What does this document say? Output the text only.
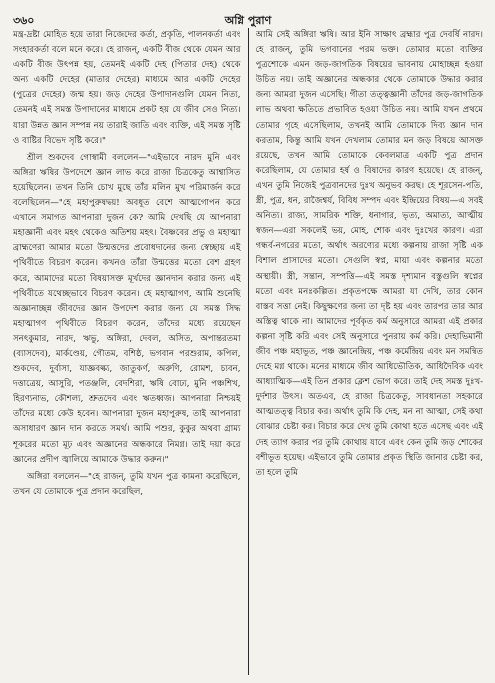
৩৬০	অগ্নি পুরাণ

মন্ত্র-দ্রষ্টা মোহিত হয়ে তারা নিজেদের কর্তা, প্রকৃতি, পালনকর্তা এবং সংহারকর্তা বলে মনে করে। হে রাজন্‌, একটি বীজ থেকে যেমন আর একটি বীজ উৎপন্ন হয়, তেমনই একটি দেহ (পিতার দেহ) থেকে অন্য একটি দেহের (মাতার দেহের) মাধ্যমে আর একটি দেহের (পুত্রের দেহের) জন্ম হয়। জড় দেহের উপাদানগুলি যেমন নিত্য, তেমনই এই সমস্ত উপাদানের মাধ্যমে প্রকট হয় যে জীব সেও নিত্য। যারা উন্নত জ্ঞান সম্পন্ন নয় তারাই জাতি এবং ব্যক্তি, এই সমস্ত সৃষ্টি ও বাষ্টির বিভেদ সৃষ্টি করে।"

শ্রীল শুকদেব গোস্বামী বললেন—"এইভাবে নারদ মুনি এবং অঙ্গিরা ঋষির উপদেশে জ্ঞান লাভ করে রাজা চিত্রকেতু আশ্বাসিত হয়েছিলেন। তখন তিনি চোখ মুছে তাঁর মলিন মুখ পরিমার্জন করে বলেছিলেন—"হে মহাপুরুষদ্বয়! অবধূত বেশে আত্মগোপন করে এখানে সমাগত আপনারা দুজন কে? আমি দেখছি যে আপনারা মহাজ্ঞানী এবং মহৎ থেকেও অতিশয় মহৎ। বৈষ্ণবের প্রভু ও মহাত্মা ব্রাহ্মণেরা আমার মতো উন্মত্তদের প্রবোধদানের জন্য স্বেচ্ছায় এই পৃথিবীতে বিচরণ করেন। কখনও তাঁরা উন্মত্তের মতো বেশ গ্রহণ করে, আমাদের মতো বিষয়াসক্ত মূর্খদের জ্ঞানদান করার জন্য এই পৃথিবীতে যথেচ্ছভাবে বিচরণ করেন। হে মহাত্মাগণ, আমি শুনেছি অজ্ঞানাচ্ছন্ন জীবদের জ্ঞান উপদেশ করার জন্য যে সমস্ত সিদ্ধ মহাত্মাগণ পৃথিবীতে বিচরণ করেন, তাঁদের মধ্যে রয়েছেন সনৎকুমার, নারদ, ঋভু, অঙ্গিরা, দেবল, অসিত, অপান্তরতমা (ব্যাসদেব), মার্কণ্ডেয়, গৌতম, বশিষ্ঠ, ভগবান পরশুরাম, কপিল, শুকদেব, দুর্বাসা, যাজ্ঞবল্ক্য, জাতুকর্ণ, অরুণি, রোমশ, চ্যবন, দত্তাত্রেয়, আসুরি, পতঞ্জলি, বেদশিরা, ঋষি বোঢ্য, মুনি পঞ্চশিখ, হিরণ্যনাভ, কৌশল্য, শ্রুতদেব এবং ঋতধ্বজ। আপনারা নিশ্চয়ই তাঁদের মধ্যে কেউ হবেন। আপনারা দুজন মহাপুরুষ, তাই আপনারা অসাধারণ জ্ঞান দান করতে সমর্থ। আমি পশুর, কুকুর অথবা গ্রাম্য শূকরের মতো মূঢ় এবং অজ্ঞানের অন্ধকারে নিমগ্ন। তাই দয়া করে জ্ঞানের প্রদীপ জ্বালিয়ে আমাকে উদ্ধার করুন।"

অঙ্গিরা বললেন—"হে রাজন্‌, তুমি যখন পুত্র কামনা করেছিলে, তখন যে তোমাকে পুত্র প্রদান করেছিল,

আমি সেই অঙ্গিরা ঋষি। আর ইনি সাক্ষাৎ ব্রহ্মার পুত্র দেবর্ষি নারদ। হে রাজন্‌, তুমি ভগবানের পরম ভক্ত। তোমার মতো ব্যক্তির পুত্রশোকে এমন জড়-জাগতিক বিষয়ের ভাবনায় মোহাচ্ছন্ন হওয়া উচিত নয়। তাই অজ্ঞানের অন্ধকার থেকে তোমাকে উদ্ধার করার জন্য আমরা দুজন এসেছি। গীতা তত্ত্বজ্ঞানী তাঁদের জড়-জাগতিক লাভ অথবা ক্ষতিতে প্রভাবিত হওয়া উচিত নয়। আমি যখন প্রথমে তোমার গৃহে এসেছিলাম, তখনই আমি তোমাকে দিব্য জ্ঞান দান করতাম, কিন্তু আমি যখন দেখলাম তোমার মন জড় বিষয়ে আসক্ত রয়েছে, তখন আমি তোমাকে কেবলমাত্র একটি পুত্র প্রদান করেছিলাম, যে তোমার হর্ষ ও বিষাদের কারণ হয়েছে। হে রাজন্‌, এখন তুমি নিজেই পুত্রবানদের দুঃখ অনুভব করছ। হে শূরসেন-পতি, স্ত্রী, পুত্র, ধন, রাজৈশ্বর্য, বিবিধ সম্পদ এবং ইন্দ্রিয়ের বিষয়—এ সবই অনিত্য। রাজ্য, সামরিক শক্তি, ধনাগার, ভৃত্য, অমাত্য, আত্মীয় স্বজন—এরা সকলেই ভয়, মোহ, শোক এবং দুঃখের কারণ। এরা গন্ধর্ব-নগরের মতো, অর্থাৎ অরণ্যের মধ্যে কল্পনায় রাজা সৃষ্টি এক বিশাল প্রাসাদের মতো। সেগুলি স্বপ্ন, মায়া এবং কল্পনার মতো অস্থায়ী। স্ত্রী, সন্তান, সম্পত্তি—এই সমস্ত দৃশ্যমান বস্তুগুলি স্বপ্নের মতো এবং মনঃকল্পিত। প্রকৃতপক্ষে আমরা যা দেখি, তার কোন বাস্তব সত্তা নেই। কিছুক্ষণের জন্য তা দৃষ্ট হয় এবং তারপর তার আর অস্তিত্ব থাকে না। আমাদের পূর্বকৃত কর্ম অনুসারে আমরা এই প্রকার কল্পনা সৃষ্টি করি এবং সেই অনুসারে পুনরায় কর্ম করি। দেহাভিমানী জীব পঞ্চ মহাভূত, পঞ্চ জ্ঞানেন্দ্রিয়, পঞ্চ কর্মেন্দ্রিয় এবং মন সমন্বিত দেহে মগ্ন থাকে। মনের মাধ্যমে জীব আধিভৌতিক, আধিদৈবিক এবং আধ্যাত্মিক—এই তিন প্রকার ক্লেশ ভোগ করে। তাই দেহ সমস্ত দুঃখ-দুর্দশার উৎস। অতএব, হে রাজা চিত্রকেতু, সাবধানতা সহকারে আত্মতত্ত্ব বিচার কর। অর্থাৎ তুমি কি দেহ, মন না আত্মা, সেই কথা বোঝার চেষ্টা কর। বিচার করে দেখ তুমি কোথা হতে এসেছ এবং এই দেহ ত্যাগ করার পর তুমি কোথায় যাবে এবং কেন তুমি জড় শোকের বশীভূত হয়েছ। এইভাবে তুমি তোমার প্রকৃত স্থিতি জানার চেষ্টা কর, তা হলে তুমি
